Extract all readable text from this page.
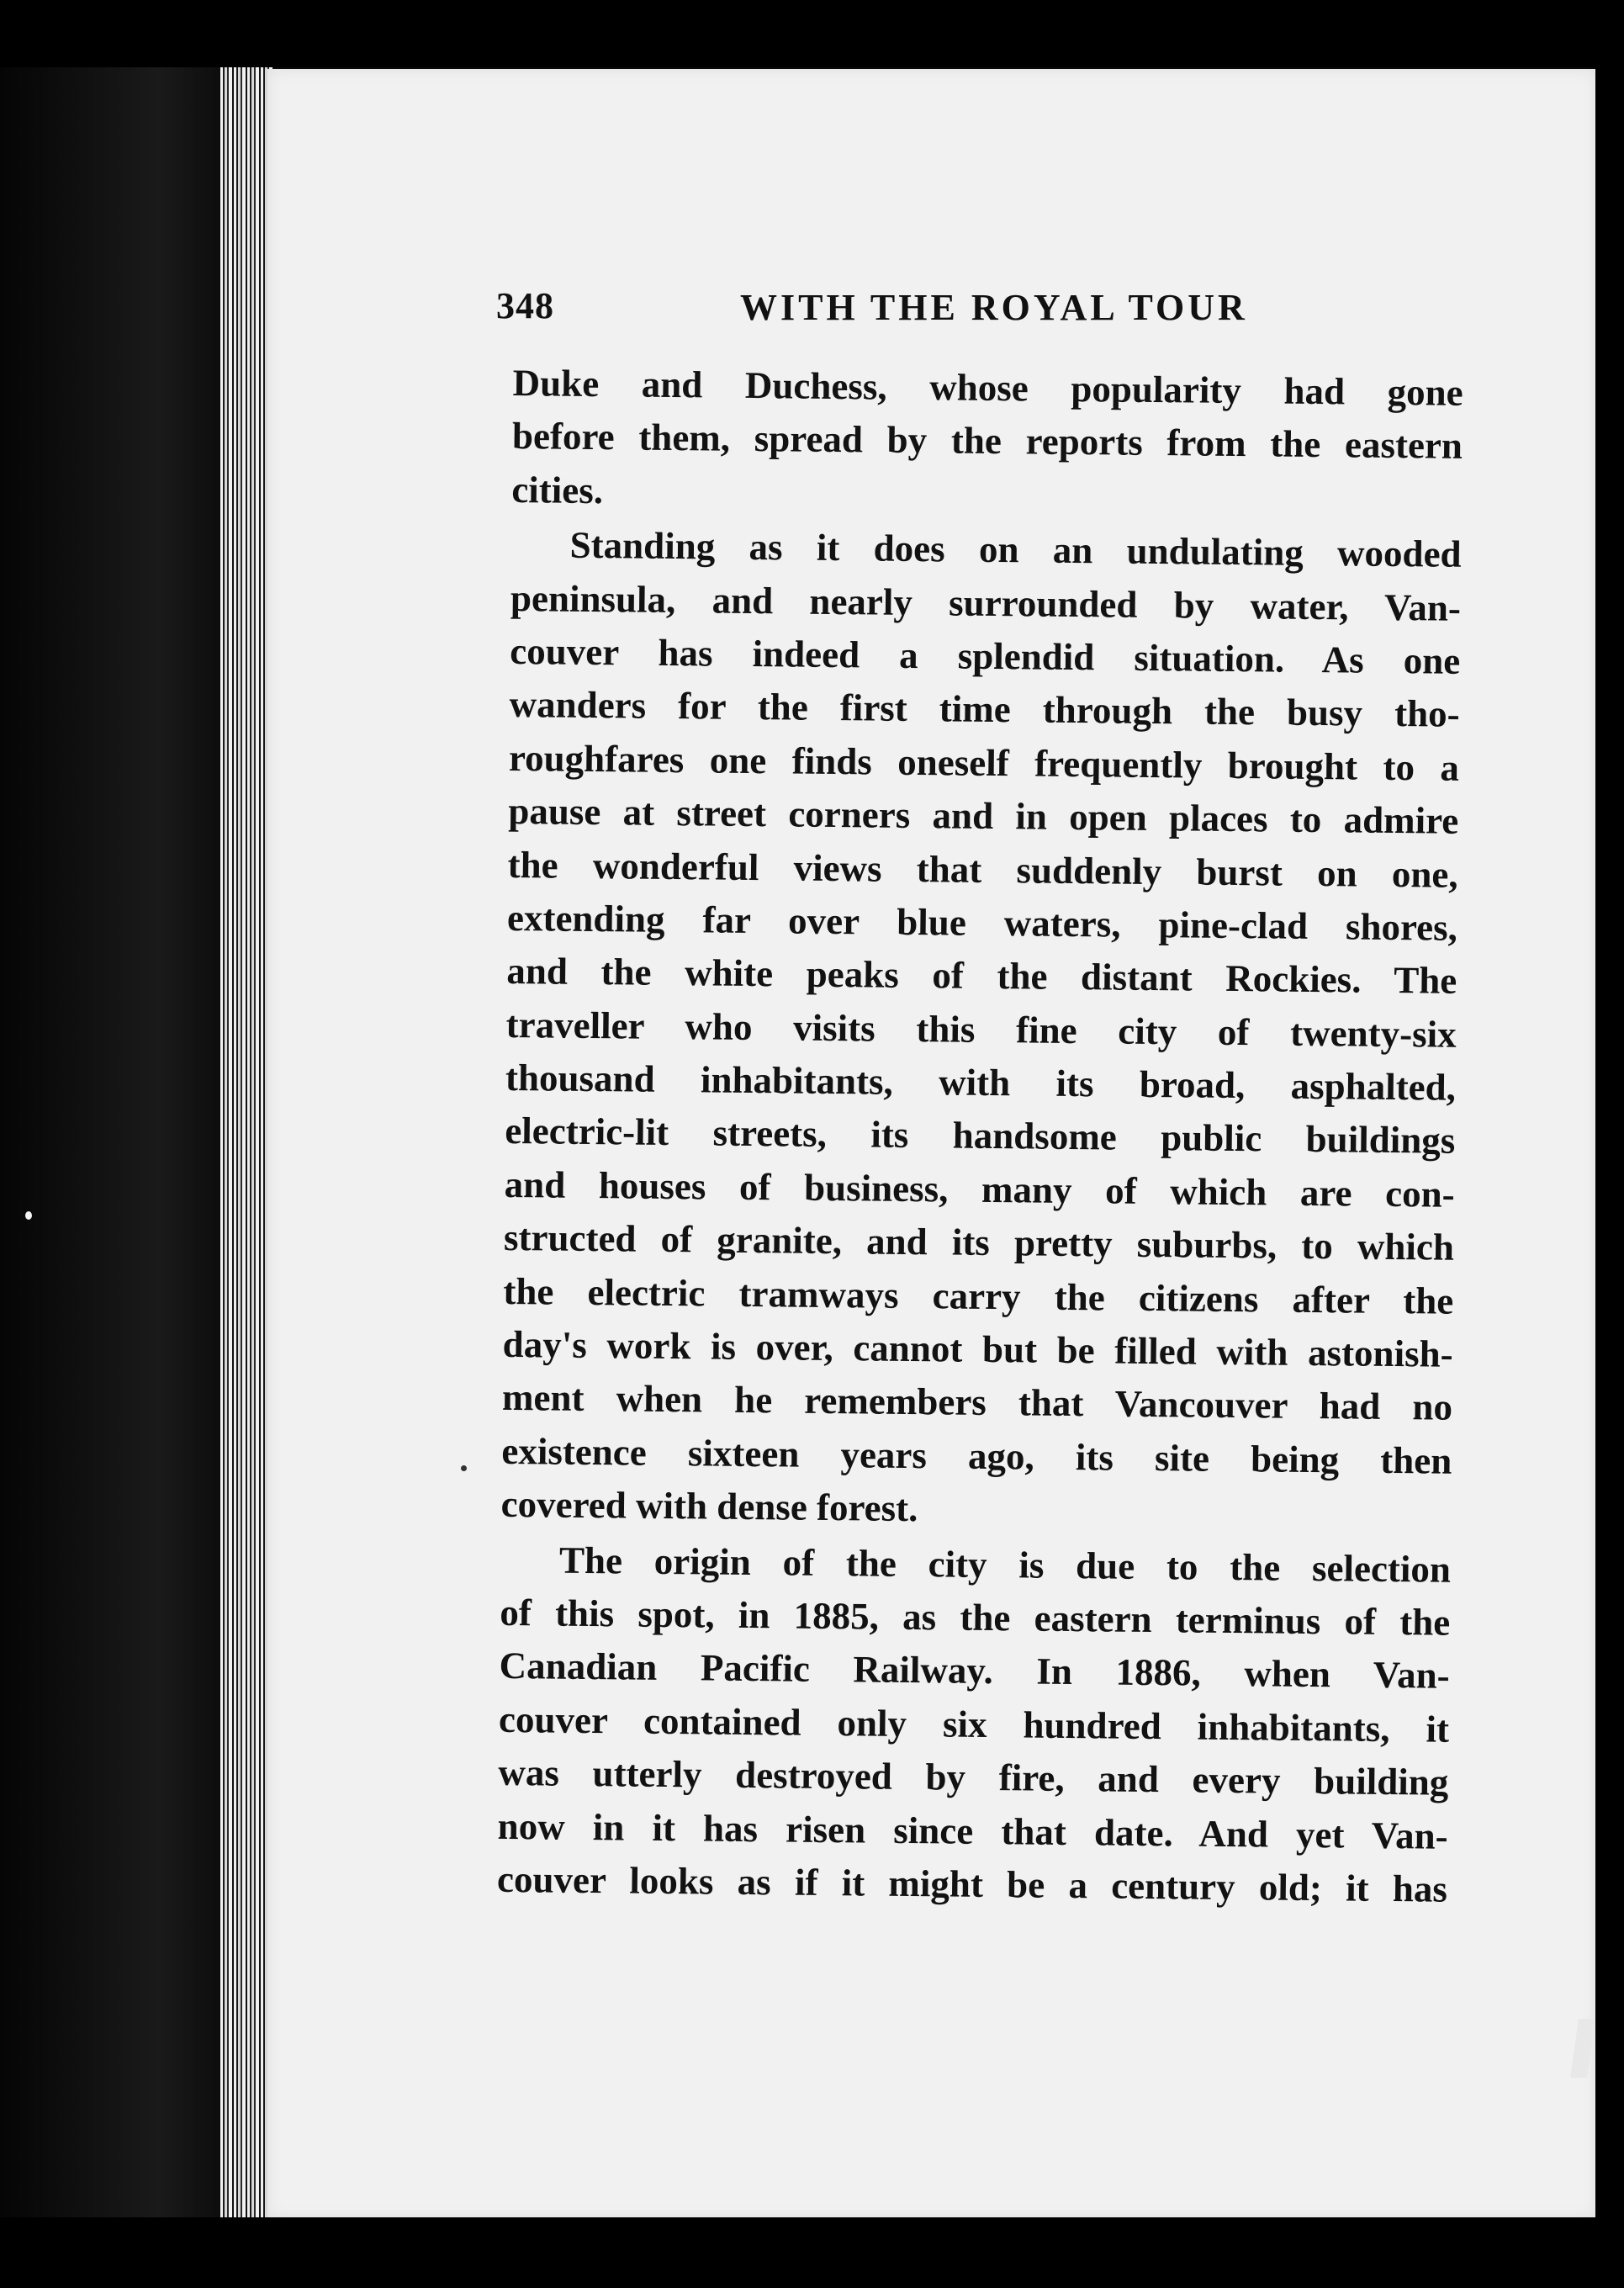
348	WITH THE ROYAL TOUR
Duke and Duchess, whose popularity had gone
before them, spread by the reports from the eastern
cities.
Standing as it does on an undulating wooded
peninsula, and nearly surrounded by water, Van-
couver has indeed a splendid situation. As one
wanders for the first time through the busy tho-
roughfares one finds oneself frequently brought to a
pause at street corners and in open places to admire
the wonderful views that suddenly burst on one,
extending far over blue waters, pine-clad shores,
and the white peaks of the distant Rockies. The
traveller who visits this fine city of twenty-six
thousand inhabitants, with its broad, asphalted,
electric-lit streets, its handsome public buildings
and houses of business, many of which are con-
structed of granite, and its pretty suburbs, to which
the electric tramways carry the citizens after the
day's work is over, cannot but be filled with astonish-
ment when he remembers that Vancouver had no
existence sixteen years ago, its site being then
covered with dense forest.
The origin of the city is due to the selection
of this spot, in 1885, as the eastern terminus of the
Canadian Pacific Railway. In 1886, when Van-
couver contained only six hundred inhabitants, it
was utterly destroyed by fire, and every building
now in it has risen since that date. And yet Van-
couver looks as if it might be a century old; it has
